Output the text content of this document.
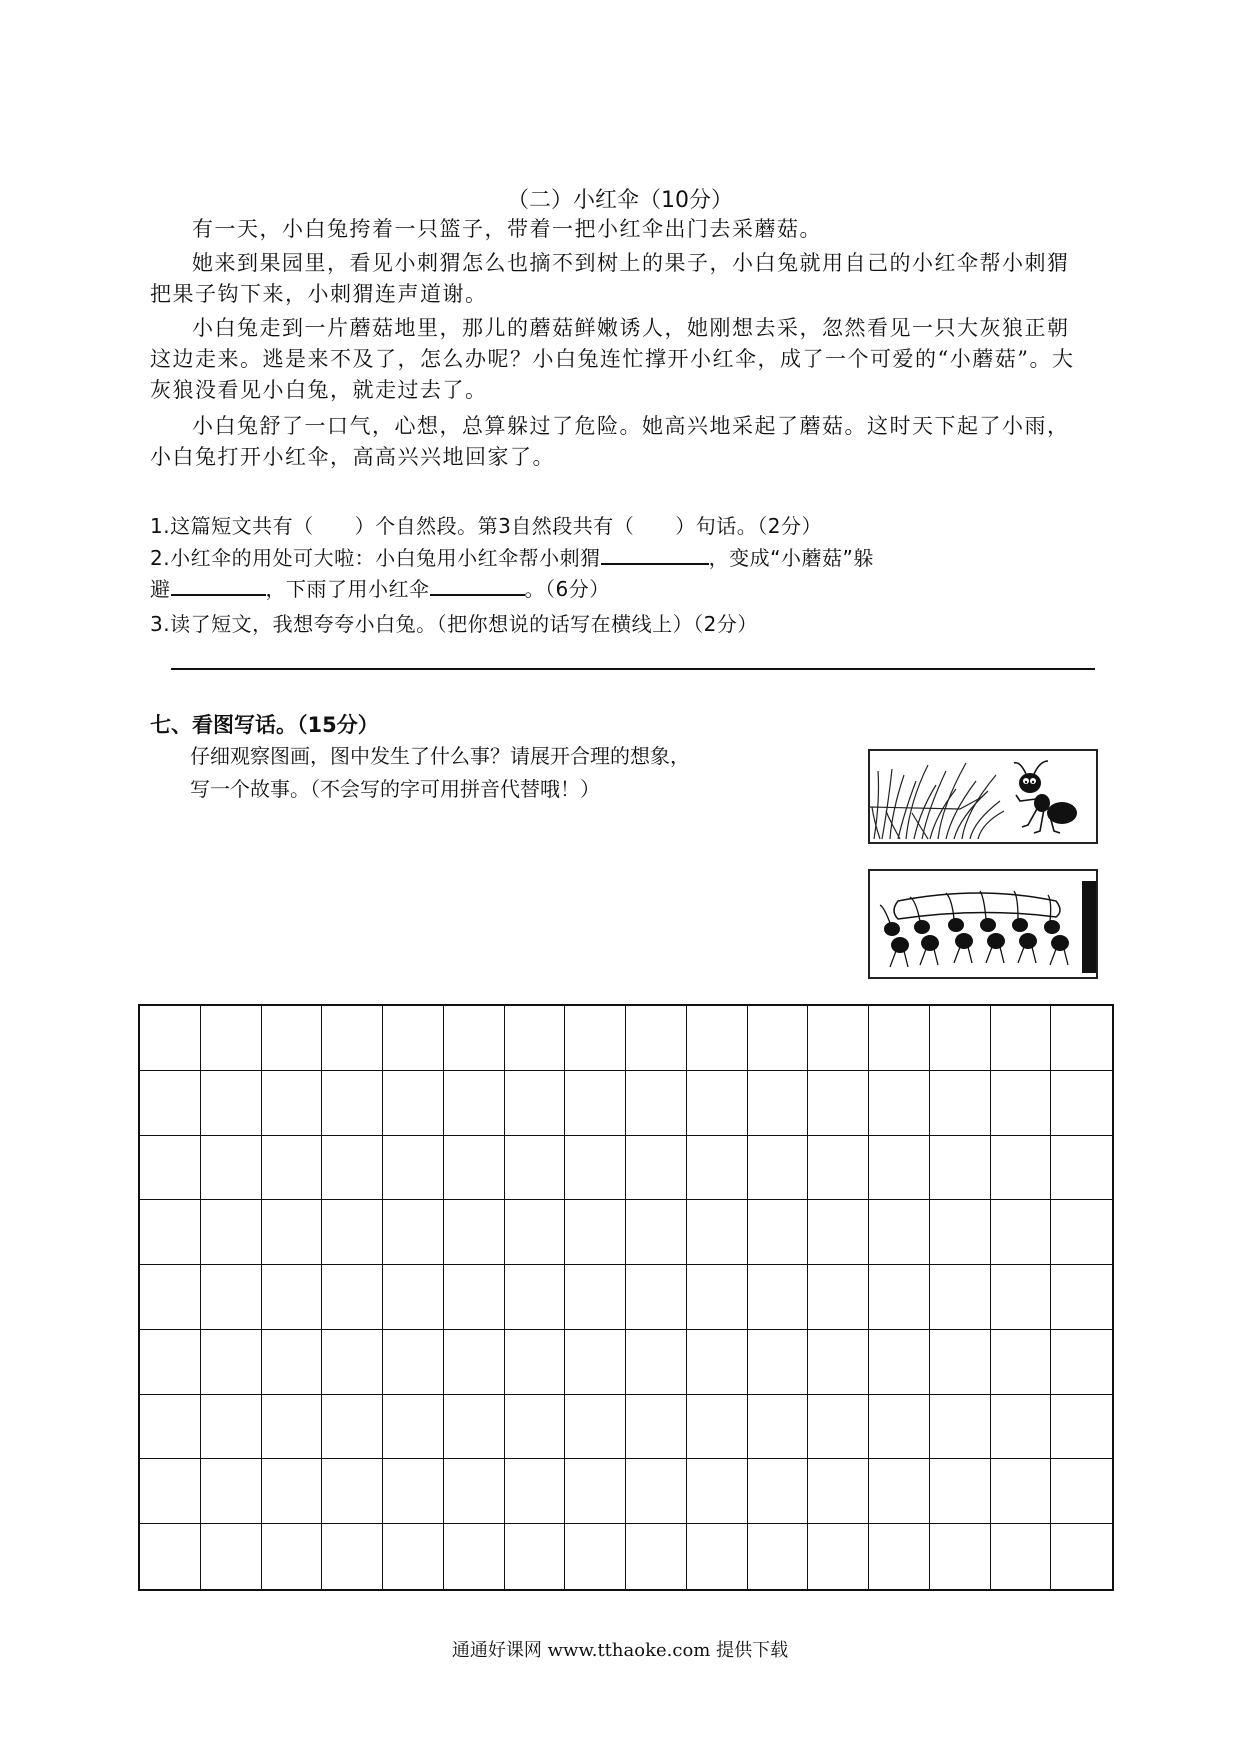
（二）小红伞（10分）

有一天，小白兔挎着一只篮子，带着一把小红伞出门去采蘑菇。

她来到果园里，看见小刺猬怎么也摘不到树上的果子，小白兔就用自己的小红伞帮小刺猬把果子钩下来，小刺猬连声道谢。

小白兔走到一片蘑菇地里，那儿的蘑菇鲜嫩诱人，她刚想去采，忽然看见一只大灰狼正朝这边走来。逃是来不及了，怎么办呢？小白兔连忙撑开小红伞，成了一个可爱的“小蘑菇”。大灰狼没看见小白兔，就走过去了。

小白兔舒了一口气，心想，总算躲过了危险。她高兴地采起了蘑菇。这时天下起了小雨，小白兔打开小红伞，高高兴兴地回家了。

1.这篇短文共有（　　）个自然段。第3自然段共有（　　）句话。（2分）

2.小红伞的用处可大啦：小白兔用小红伞帮小刺猬	，变成“小蘑菇”躲
避	，下雨了用小红伞	。（6分）

3.读了短文，我想夸夸小白兔。（把你想说的话写在横线上）（2分）

七、看图写话。（15分）

仔细观察图画，图中发生了什么事？请展开合理的想象，
写一个故事。（不会写的字可用拼音代替哦！）
通通好课网 www.tthaoke.com 提供下载
